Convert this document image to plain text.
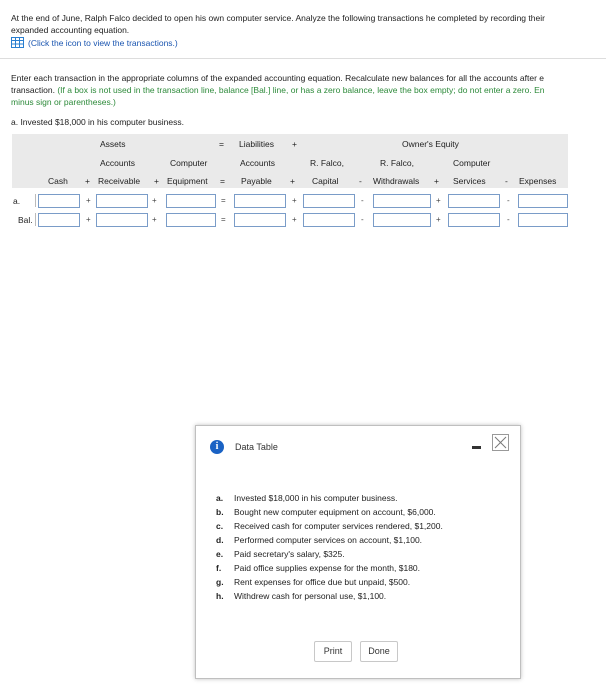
At the end of June, Ralph Falco decided to open his own computer service. Analyze the following transactions he completed by recording their
expanded accounting equation.
(Click the icon to view the transactions.)
Enter each transaction in the appropriate columns of the expanded accounting equation. Recalculate new balances for all the accounts after e
transaction. (If a box is not used in the transaction line, balance [Bal.] line, or has a zero balance, leave the box empty; do not enter a zero. En
minus sign or parentheses.)
a. Invested $18,000 in his computer business.
Assets	= Liabilities +	Owner's Equity
Accounts	Computer	Accounts	R. Falco,	R. Falco,	Computer
Cash + Receivable + Equipment = Payable + Capital - Withdrawals + Services - Expenses
a.	+	+	=	+	-	+	-
Bal.	+	+	=	+	-	+	-
i	Data Table
a. Invested $18,000 in his computer business.
b. Bought new computer equipment on account, $6,000.
c. Received cash for computer services rendered, $1,200.
d. Performed computer services on account, $1,100.
e. Paid secretary's salary, $325.
f. Paid office supplies expense for the month, $180.
g. Rent expenses for office due but unpaid, $500.
h. Withdrew cash for personal use, $1,100.
Print	Done
